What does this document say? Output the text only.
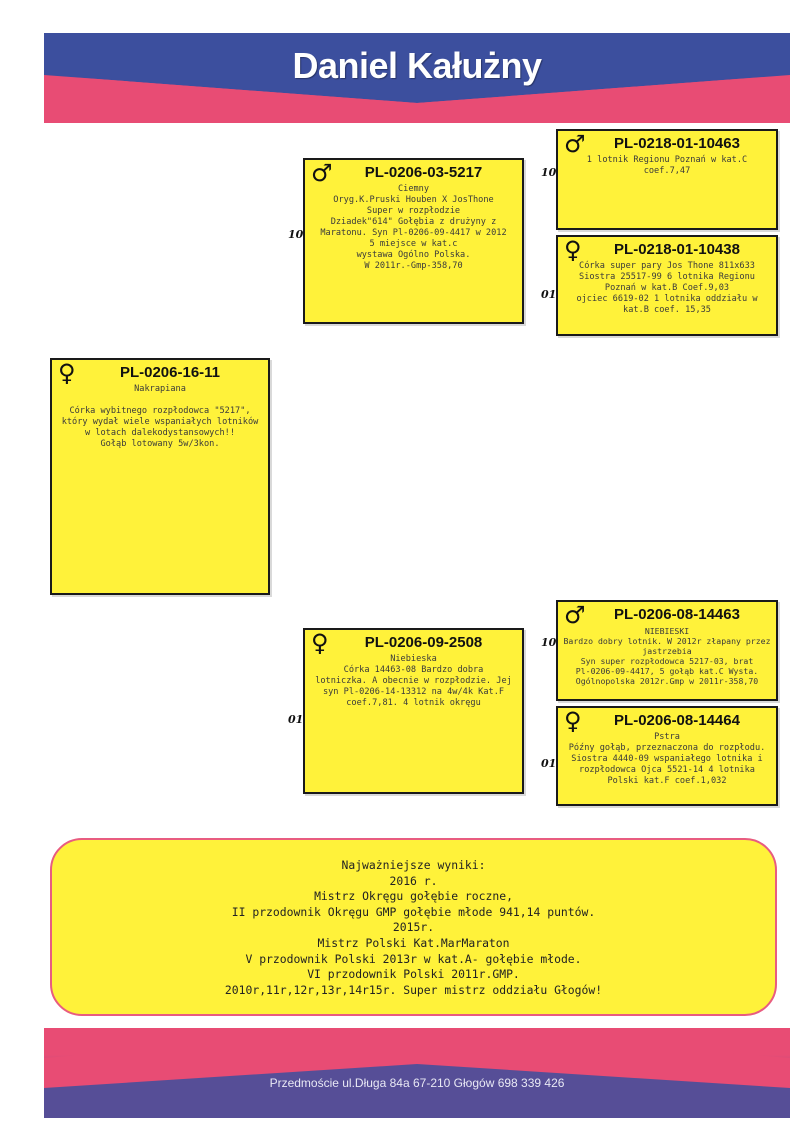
Daniel Kałużny
♀	PL-0206-16-11
Nakrapiana

Córka wybitnego rozpłodowca "5217",
który wydał wiele wspaniałych lotników
w lotach dalekodystansowych!!
Gołąb lotowany 5w/3kon.
10
♂	PL-0206-03-5217
Ciemny
Oryg.K.Pruski Houben X JosThone
Super w rozpłodzie
Dziadek"614" Gołębia z drużyny z
Maratonu. Syn Pl-0206-09-4417 w 2012
5 miejsce w kat.c
wystawa Ogólno Polska.
W 2011r.-Gmp-358,70
01
♀	PL-0206-09-2508
Niebieska
Córka 14463-08 Bardzo dobra
lotniczka. A obecnie w rozpłodzie. Jej
syn Pl-0206-14-13312 na 4w/4k Kat.F
coef.7,81. 4 lotnik okręgu
10
♂	PL-0218-01-10463
1 lotnik Regionu Poznań w kat.C
coef.7,47
01
♀	PL-0218-01-10438
Córka super pary Jos Thone 811x633
Siostra 25517-99 6 lotnika Regionu
Poznań w kat.B Coef.9,03
ojciec 6619-02 1 lotnika oddziału w
kat.B coef. 15,35
10
♂	PL-0206-08-14463
NIEBIESKI
Bardzo dobry lotnik. W 2012r złapany przez
jastrzebia
Syn super rozpłodowca 5217-03, brat
Pl-0206-09-4417, 5 gołąb kat.C Wysta.
Ogólnopolska 2012r.Gmp w 2011r-358,70
01
♀	PL-0206-08-14464
Pstra
Późny gołąb, przeznaczona do rozpłodu.
Siostra 4440-09 wspaniałego lotnika i
rozpłodowca Ojca 5521-14 4 lotnika
Polski kat.F coef.1,032
Najważniejsze wyniki:
2016 r.
Mistrz Okręgu gołębie roczne,
II przodownik Okręgu GMP gołębie młode 941,14 puntów.
2015r.
Mistrz Polski Kat.MarMaraton
V przodownik Polski 2013r w kat.A- gołębie młode.
VI przodownik Polski 2011r.GMP.
2010r,11r,12r,13r,14r15r. Super mistrz oddziału Głogów!
Przedmoście ul.Długa 84a 67-210 Głogów 698 339 426
